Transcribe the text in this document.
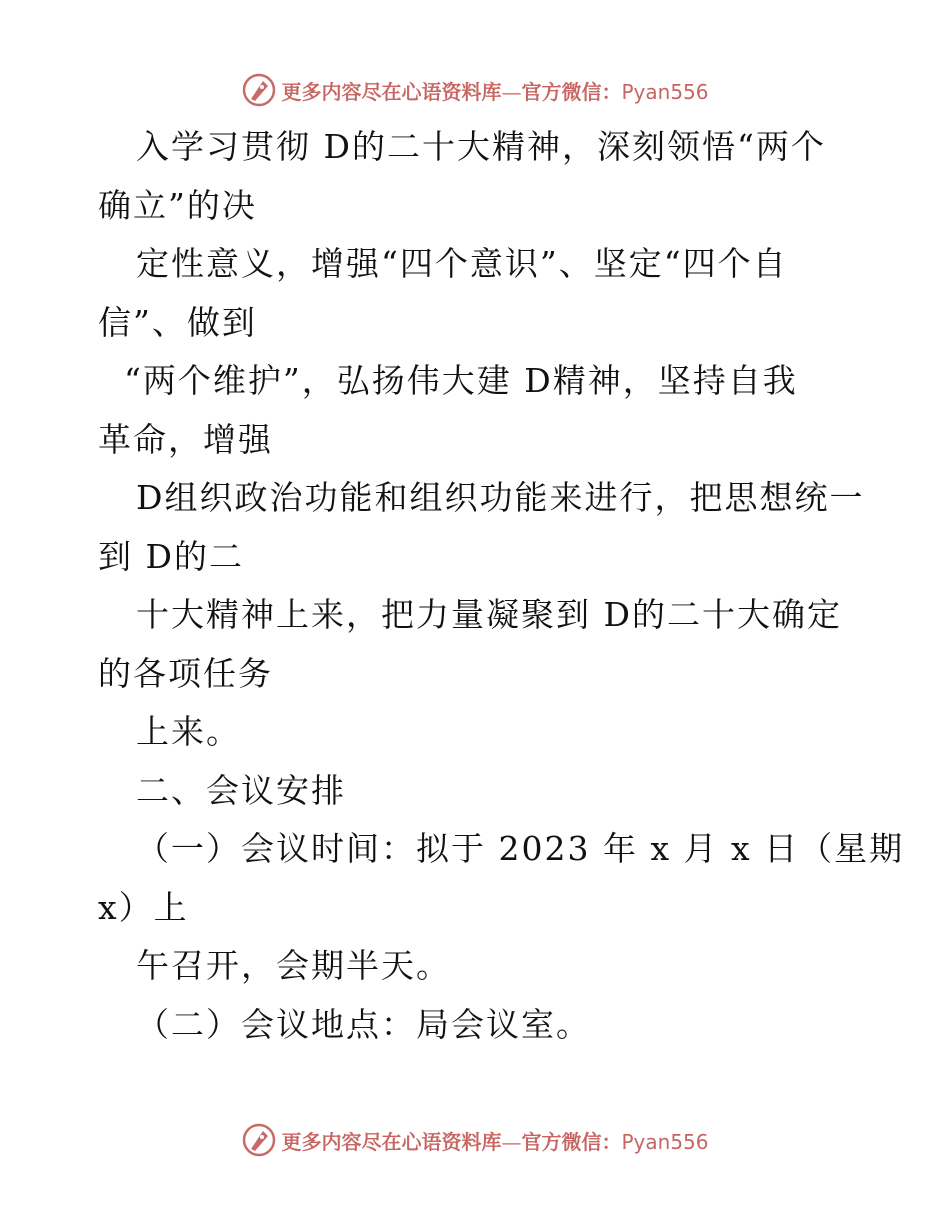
更多内容尽在心语资料库—官方微信：Pyan556
入学习贯彻 D的二十大精神，深刻领悟“两个
确立”的决
定性意义，增强“四个意识”、坚定“四个自
信”、做到
“两个维护”，弘扬伟大建 D精神，坚持自我
革命，增强
D组织政治功能和组织功能来进行，把思想统一
到 D的二
十大精神上来，把力量凝聚到 D的二十大确定
的各项任务
上来。
二、会议安排
（一）会议时间：拟于 2023 年 x 月 x 日（星期
x）上
午召开，会期半天。
（二）会议地点：局会议室。
更多内容尽在心语资料库—官方微信：Pyan556
